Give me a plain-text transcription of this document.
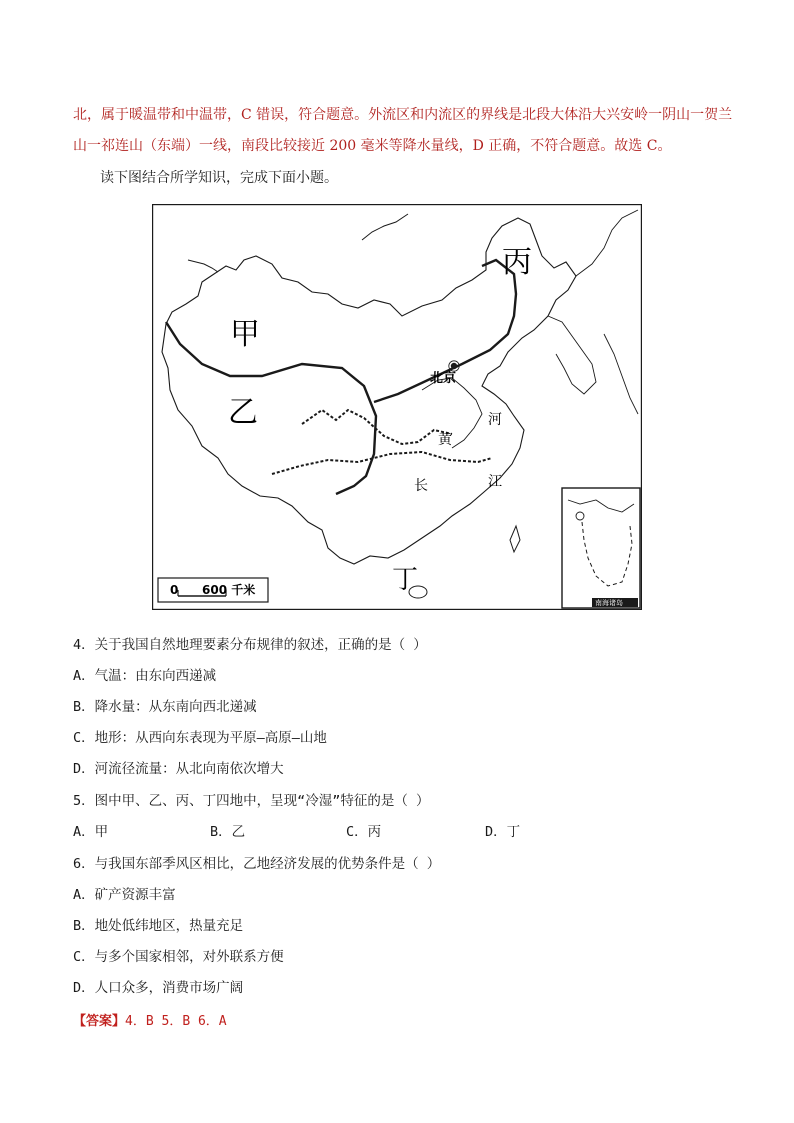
北，属于暖温带和中温带，C 错误，符合题意。外流区和内流区的界线是北段大体沿大兴安岭一阴山一贺兰
山一祁连山（东端）一线，南段比较接近 200 毫米等降水量线，D 正确，不符合题意。故选 C。
读下图结合所学知识，完成下面小题。
甲
乙
丙
丁
北京
黄
河
长	江
0 600 千米
南海诸岛
4．关于我国自然地理要素分布规律的叙述，正确的是（ ）
A．气温：由东向西递减
B．降水量：从东南向西北递减
C．地形：从西向东表现为平原—高原—山地
D．河流径流量：从北向南依次增大
5．图中甲、乙、丙、丁四地中，呈现“冷湿”特征的是（ ）
A．甲	B．乙	C．丙	D．丁
6．与我国东部季风区相比，乙地经济发展的优势条件是（ ）
A．矿产资源丰富
B．地处低纬地区，热量充足
C．与多个国家相邻，对外联系方便
D．人口众多，消费市场广阔
【答案】4．B 5．B 6．A
